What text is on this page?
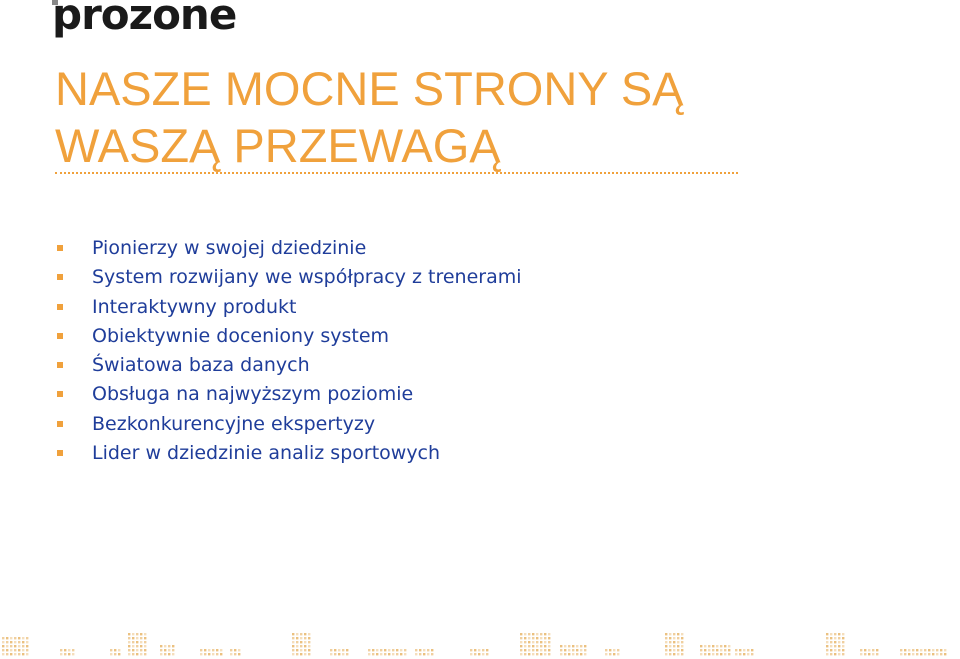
prozone
NASZE MOCNE STRONY SĄ
WASZĄ PRZEWAGĄ
Pionierzy w swojej dziedzinie
System rozwijany we współpracy z trenerami
Interaktywny produkt
Obiektywnie doceniony system
Światowa baza danych
Obsługa na najwyższym poziomie
Bezkonkurencyjne ekspertyzy
Lider w dziedzinie analiz sportowych
